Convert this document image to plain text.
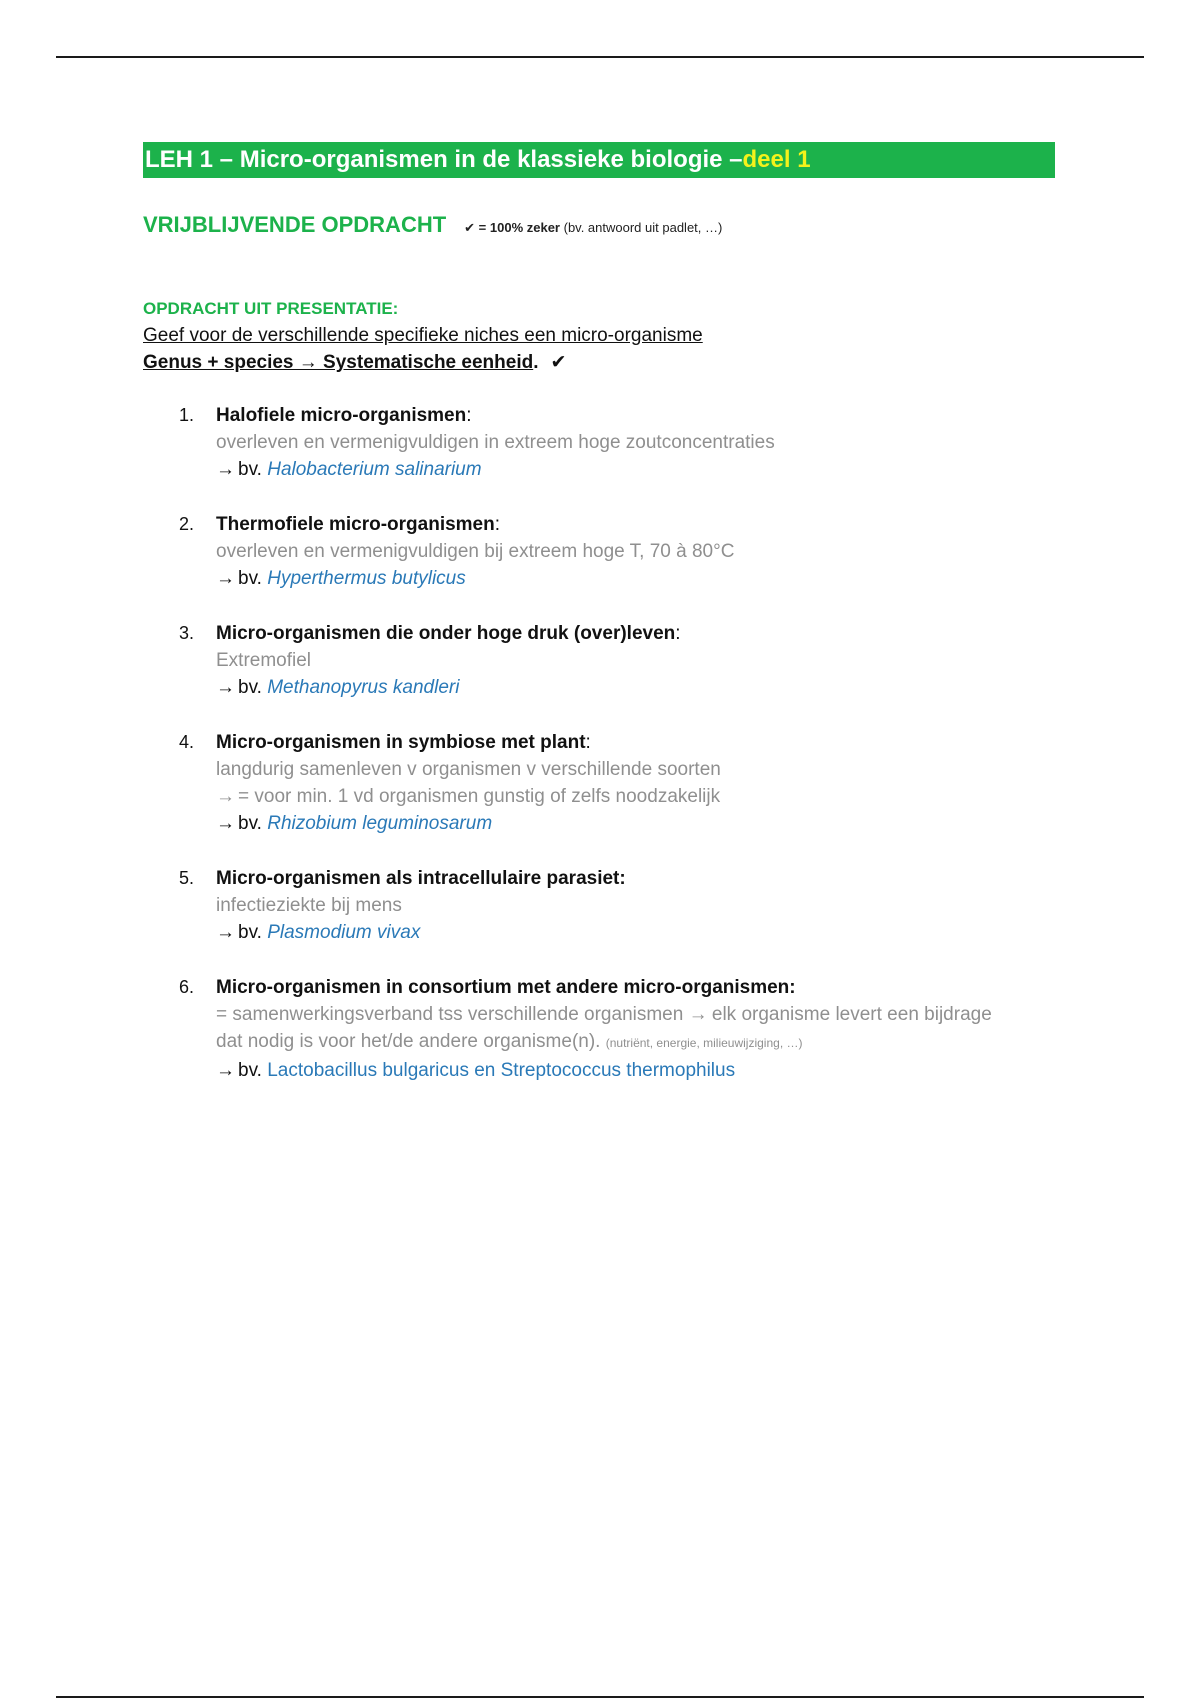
LEH 1 – Micro-organismen in de klassieke biologie – deel 1
VRIJBLIJVENDE OPDRACHT ✔ = 100% zeker (bv. antwoord uit padlet, …)
OPDRACHT UIT PRESENTATIE:
Geef voor de verschillende specifieke niches een micro-organisme
Genus + species → Systematische eenheid. ✔
1. Halofiele micro-organismen:
overleven en vermenigvuldigen in extreem hoge zoutconcentraties
→ bv. Halobacterium salinarium
2. Thermofiele micro-organismen:
overleven en vermenigvuldigen bij extreem hoge T, 70 à 80°C
→ bv. Hyperthermus butylicus
3. Micro-organismen die onder hoge druk (over)leven:
Extremofiel
→ bv. Methanopyrus kandleri
4. Micro-organismen in symbiose met plant:
langdurig samenleven v organismen v verschillende soorten
→ = voor min. 1 vd organismen gunstig of zelfs noodzakelijk
→ bv. Rhizobium leguminosarum
5. Micro-organismen als intracellulaire parasiet:
infectieziekte bij mens
→ bv. Plasmodium vivax
6. Micro-organismen in consortium met andere micro-organismen:
= samenwerkingsverband tss verschillende organismen → elk organisme levert een bijdrage
dat nodig is voor het/de andere organisme(n). (nutriënt, energie, milieuwijziging, …)
→ bv. Lactobacillus bulgaricus en Streptococcus thermophilus
